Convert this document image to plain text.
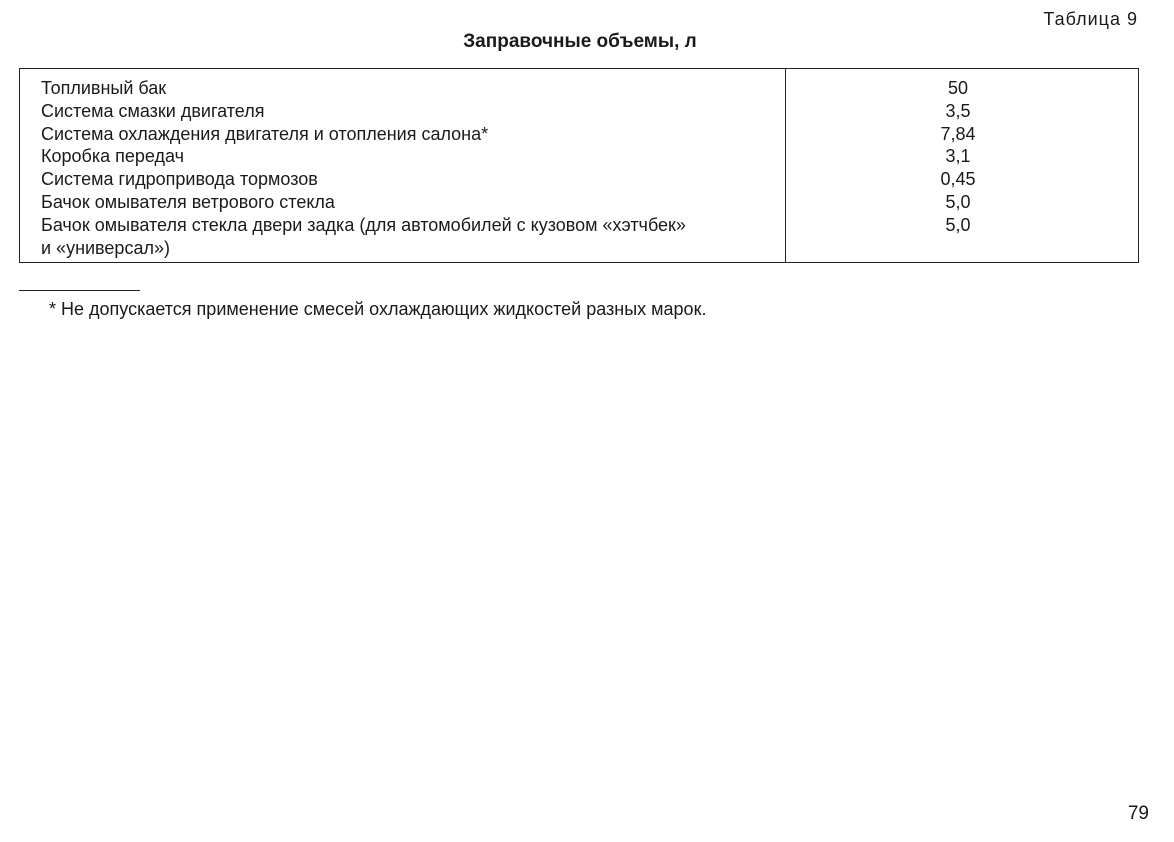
Таблица 9
Заправочные объемы, л
Топливный бак
Система смазки двигателя
Система охлаждения двигателя и отопления салона*
Коробка передач
Система гидропривода тормозов
Бачок омывателя ветрового стекла
Бачок омывателя стекла двери задка (для автомобилей с кузовом «хэтчбек»
и «универсал»)
50
3,5
7,84
3,1
0,45
5,0
5,0
* Не допускается применение смесей охлаждающих жидкостей разных марок.
79
